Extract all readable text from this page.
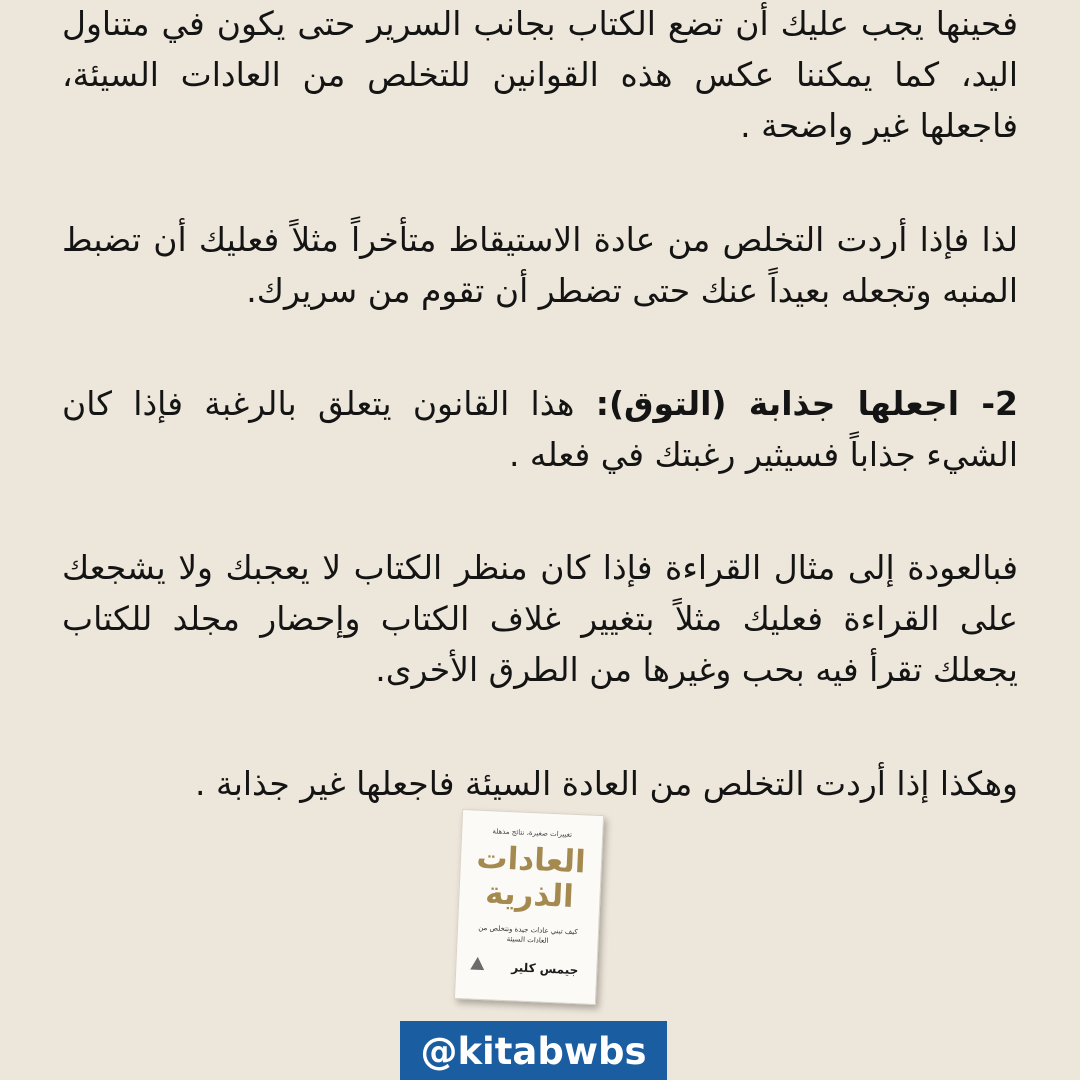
فحينها يجب عليك أن تضع الكتاب بجانب السرير حتى يكون في متناول اليد، كما يمكننا عكس هذه القوانين للتخلص من العادات السيئة، فاجعلها غير واضحة .

لذا فإذا أردت التخلص من عادة الاستيقاظ متأخراً مثلاً فعليك أن تضبط المنبه وتجعله بعيداً عنك حتى تضطر أن تقوم من سريرك.

2- اجعلها جذابة (التوق): هذا القانون يتعلق بالرغبة فإذا كان الشيء جذاباً فسيثير رغبتك في فعله .

فبالعودة إلى مثال القراءة فإذا كان منظر الكتاب لا يعجبك ولا يشجعك على القراءة فعليك مثلاً بتغيير غلاف الكتاب وإحضار مجلد للكتاب يجعلك تقرأ فيه بحب وغيرها من الطرق الأخرى.

وهكذا إذا أردت التخلص من العادة السيئة فاجعلها غير جذابة .

تغييرات صغيرة، نتائج مذهلة
العادات الذرية
كيف تبني عادات جيدة وتتخلص من العادات السيئة
جيمس كلير
@kitabwbs
